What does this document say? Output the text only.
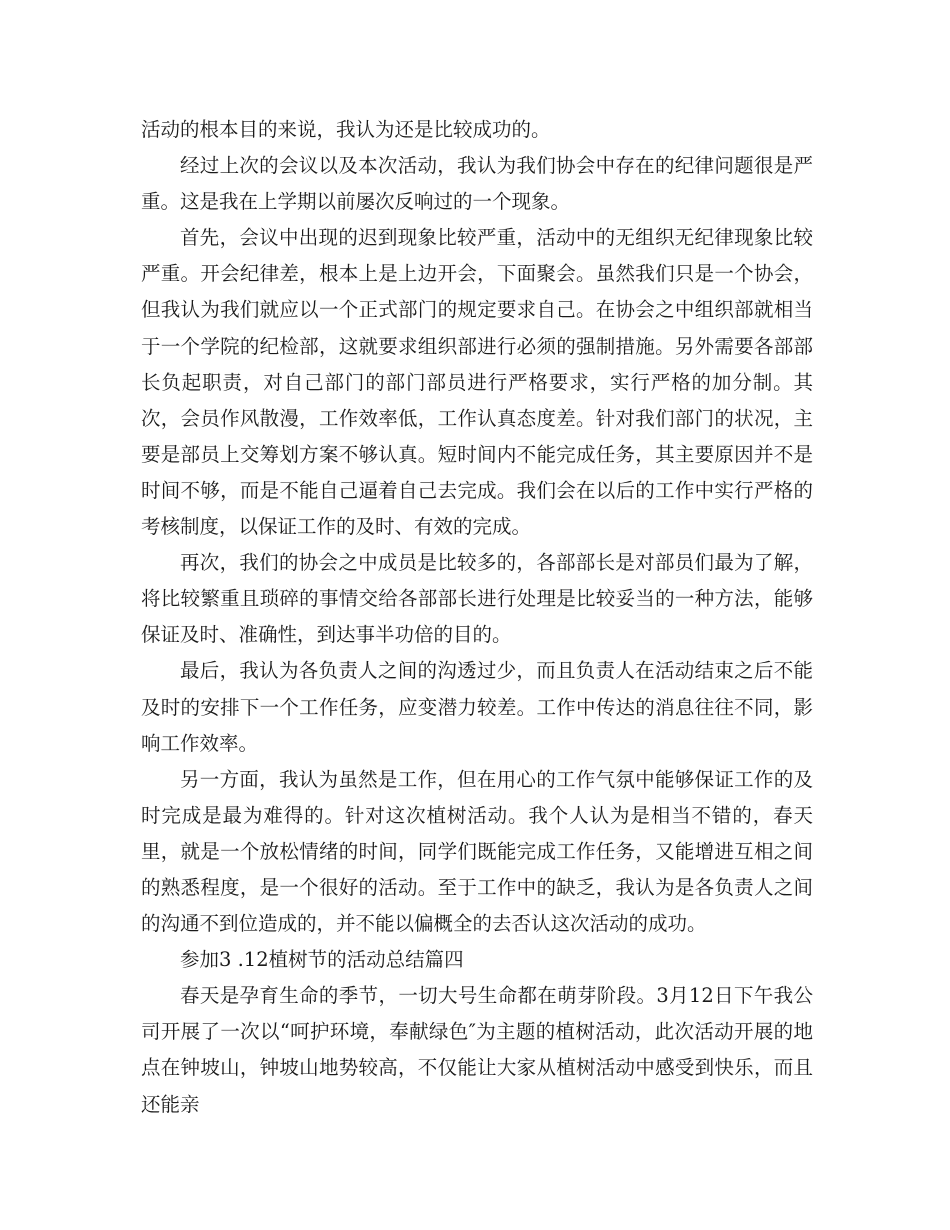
活动的根本目的来说，我认为还是比较成功的。

经过上次的会议以及本次活动，我认为我们协会中存在的纪律问题很是严重。这是我在上学期以前屡次反响过的一个现象。

首先，会议中出现的迟到现象比较严重，活动中的无组织无纪律现象比较严重。开会纪律差，根本上是上边开会，下面聚会。虽然我们只是一个协会，但我认为我们就应以一个正式部门的规定要求自己。在协会之中组织部就相当于一个学院的纪检部，这就要求组织部进行必须的强制措施。另外需要各部部长负起职责，对自己部门的部门部员进行严格要求，实行严格的加分制。其次，会员作风散漫，工作效率低，工作认真态度差。针对我们部门的状况，主要是部员上交筹划方案不够认真。短时间内不能完成任务，其主要原因并不是时间不够，而是不能自己逼着自己去完成。我们会在以后的工作中实行严格的考核制度，以保证工作的及时、有效的完成。

再次，我们的协会之中成员是比较多的，各部部长是对部员们最为了解，将比较繁重且琐碎的事情交给各部部长进行处理是比较妥当的一种方法，能够保证及时、准确性，到达事半功倍的目的。

最后，我认为各负责人之间的沟透过少，而且负责人在活动结束之后不能及时的安排下一个工作任务，应变潜力较差。工作中传达的消息往往不同，影响工作效率。

另一方面，我认为虽然是工作，但在用心的工作气氛中能够保证工作的及时完成是最为难得的。针对这次植树活动。我个人认为是相当不错的，春天里，就是一个放松情绪的时间，同学们既能完成工作任务，又能增进互相之间的熟悉程度，是一个很好的活动。至于工作中的缺乏，我认为是各负责人之间的沟通不到位造成的，并不能以偏概全的去否认这次活动的成功。

参加3 .12植树节的活动总结篇四

春天是孕育生命的季节，一切大号生命都在萌芽阶段。3月12日下午我公司开展了一次以“呵护环境，奉献绿色″为主题的植树活动，此次活动开展的地点在钟坡山，钟坡山地势较高，不仅能让大家从植树活动中感受到快乐，而且还能亲
